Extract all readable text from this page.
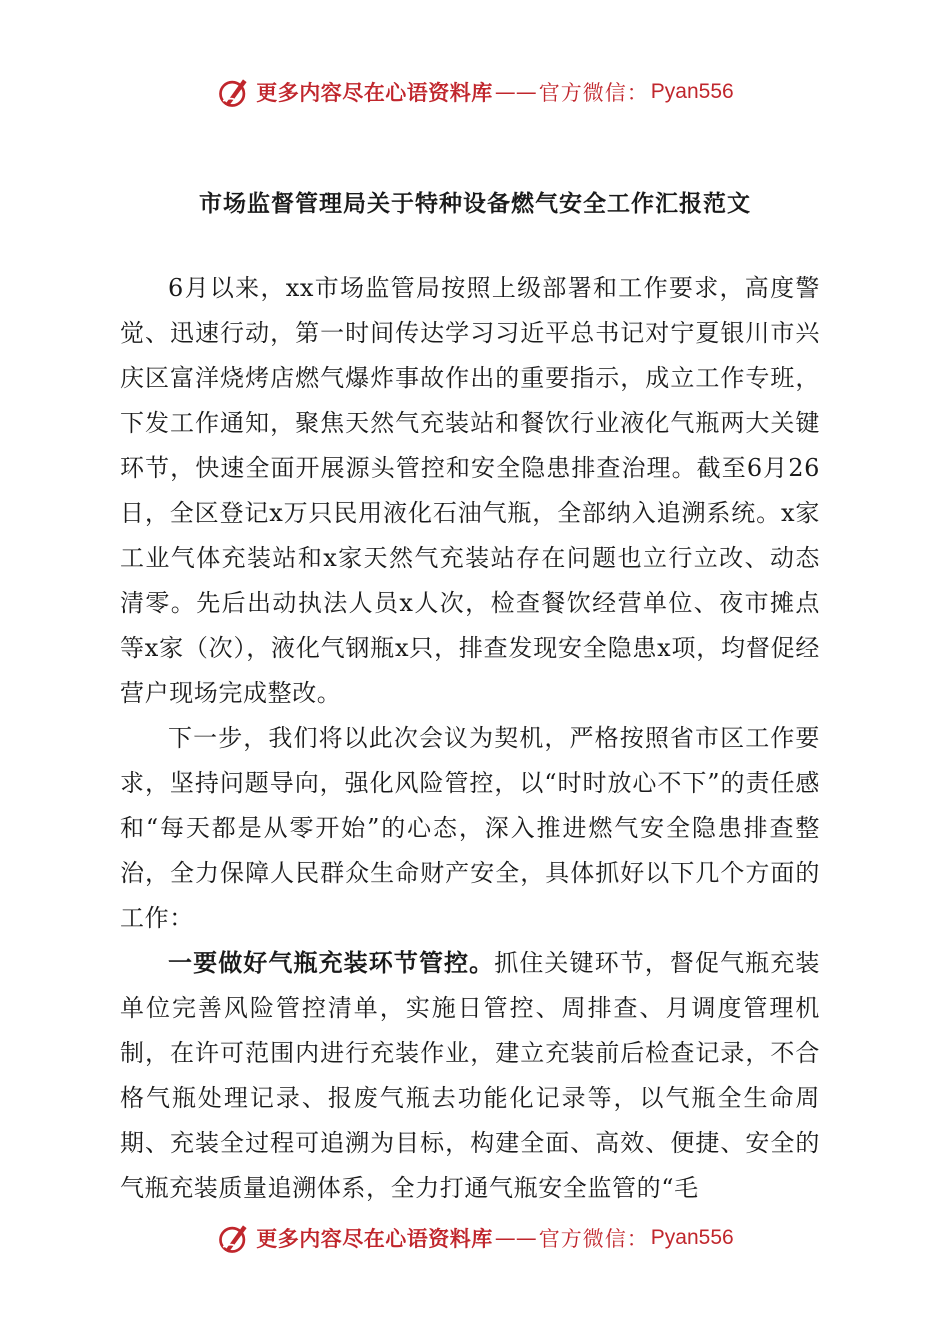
更多内容尽在心语资料库 —— 官方微信： Pyan556
市场监督管理局关于特种设备燃气安全工作汇报范文

6月以来，xx市场监管局按照上级部署和工作要求，高度警觉、迅速行动，第一时间传达学习习近平总书记对宁夏银川市兴庆区富洋烧烤店燃气爆炸事故作出的重要指示，成立工作专班，下发工作通知，聚焦天然气充装站和餐饮行业液化气瓶两大关键环节，快速全面开展源头管控和安全隐患排查治理。截至6月26日，全区登记x万只民用液化石油气瓶，全部纳入追溯系统。x家工业气体充装站和x家天然气充装站存在问题也立行立改、动态清零。先后出动执法人员x人次，检查餐饮经营单位、夜市摊点等x家（次），液化气钢瓶x只，排查发现安全隐患x项，均督促经营户现场完成整改。

下一步，我们将以此次会议为契机，严格按照省市区工作要求，坚持问题导向，强化风险管控，以“时时放心不下”的责任感和“每天都是从零开始”的心态，深入推进燃气安全隐患排查整治，全力保障人民群众生命财产安全，具体抓好以下几个方面的工作：

一要做好气瓶充装环节管控。抓住关键环节，督促气瓶充装单位完善风险管控清单，实施日管控、周排查、月调度管理机制，在许可范围内进行充装作业，建立充装前后检查记录，不合格气瓶处理记录、报废气瓶去功能化记录等，以气瓶全生命周期、充装全过程可追溯为目标，构建全面、高效、便捷、安全的气瓶充装质量追溯体系，全力打通气瓶安全监管的“毛

更多内容尽在心语资料库 —— 官方微信： Pyan556
